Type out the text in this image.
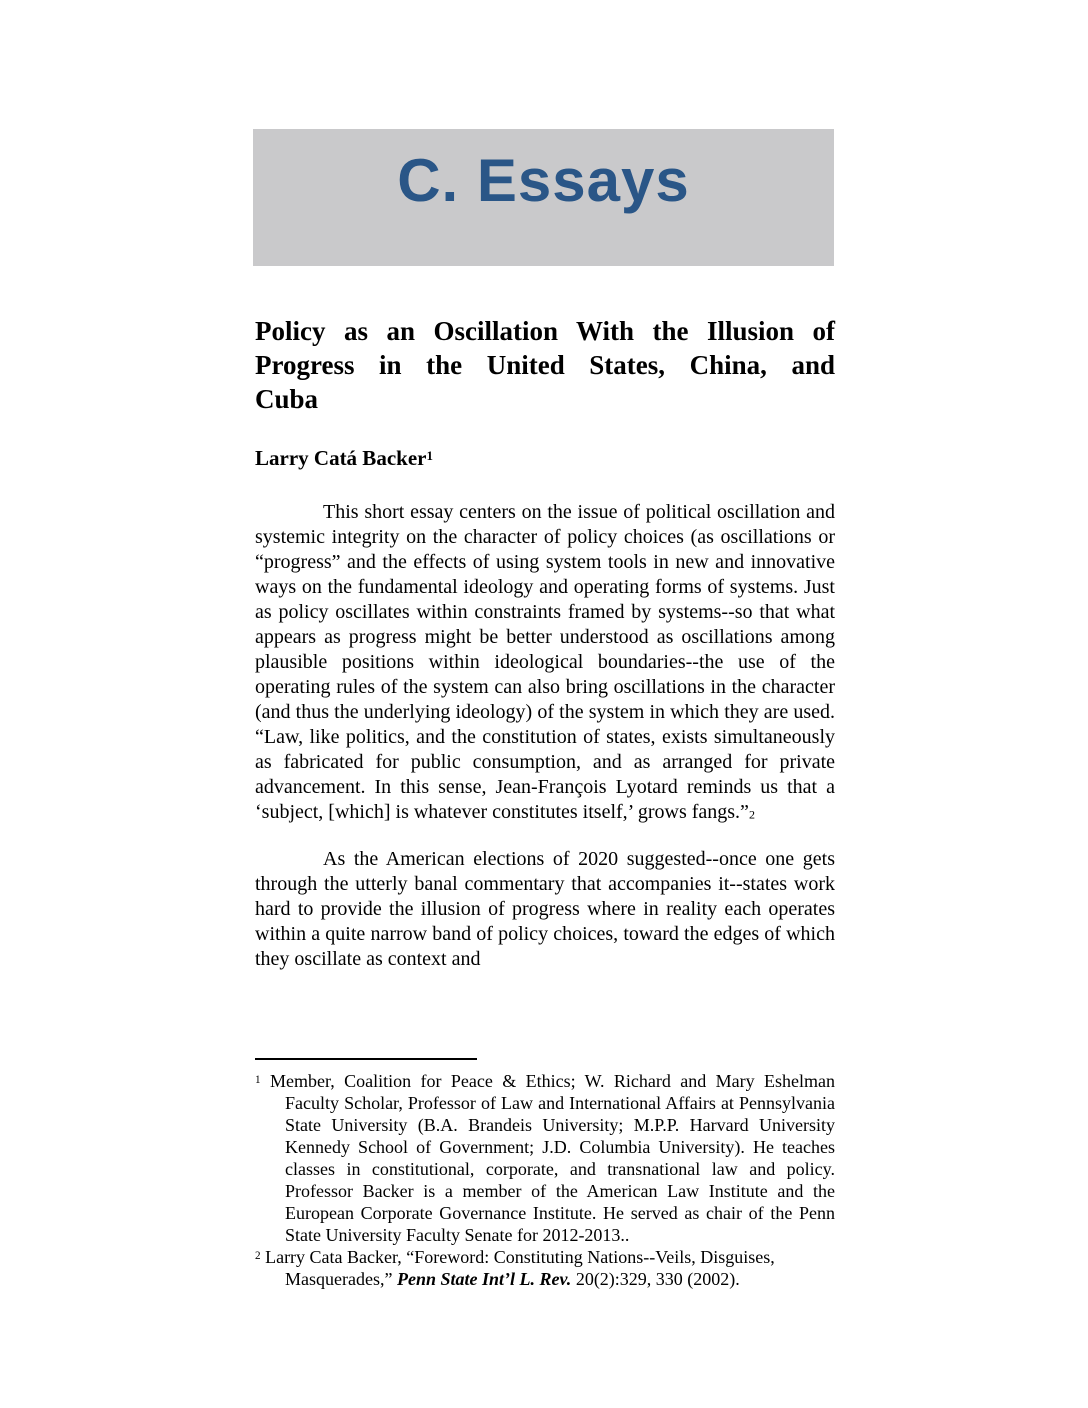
C. Essays
Policy as an Oscillation With the Illusion of
Progress in the United States, China, and
Cuba
Larry Catá Backer$^1$

This short essay centers on the issue of political oscillation and systemic integrity on the character of policy choices (as oscillations or “progress” and the effects of using system tools in new and innovative ways on the fundamental ideology and operating forms of systems. Just as policy oscillates within constraints framed by systems--so that what appears as progress might be better understood as oscillations among plausible positions within ideological boundaries--the use of the operating rules of the system can also bring oscillations in the character (and thus the underlying ideology) of the system in which they are used. “Law, like politics, and the constitution of states, exists simultaneously as fabricated for public consumption, and as arranged for private advancement. In this sense, Jean-François Lyotard reminds us that a ‘subject, [which] is whatever constitutes itself,’ grows fangs.”2

As the American elections of 2020 suggested--once one gets through the utterly banal commentary that accompanies it--states work hard to provide the illusion of progress where in reality each operates within a quite narrow band of policy choices, toward the edges of which they oscillate as context and

$^1$ Member, Coalition for Peace & Ethics; W. Richard and Mary Eshelman Faculty Scholar, Professor of Law and International Affairs at Pennsylvania State University (B.A. Brandeis University; M.P.P. Harvard University Kennedy School of Government; J.D. Columbia University). He teaches classes in constitutional, corporate, and transnational law and policy. Professor Backer is a member of the American Law Institute and the European Corporate Governance Institute. He served as chair of the Penn State University Faculty Senate for 2012-2013..
$^2$ Larry Cata Backer, “Foreword: Constituting Nations--Veils, Disguises, Masquerades,” Penn State Int’l L. Rev. 20(2):329, 330 (2002).
